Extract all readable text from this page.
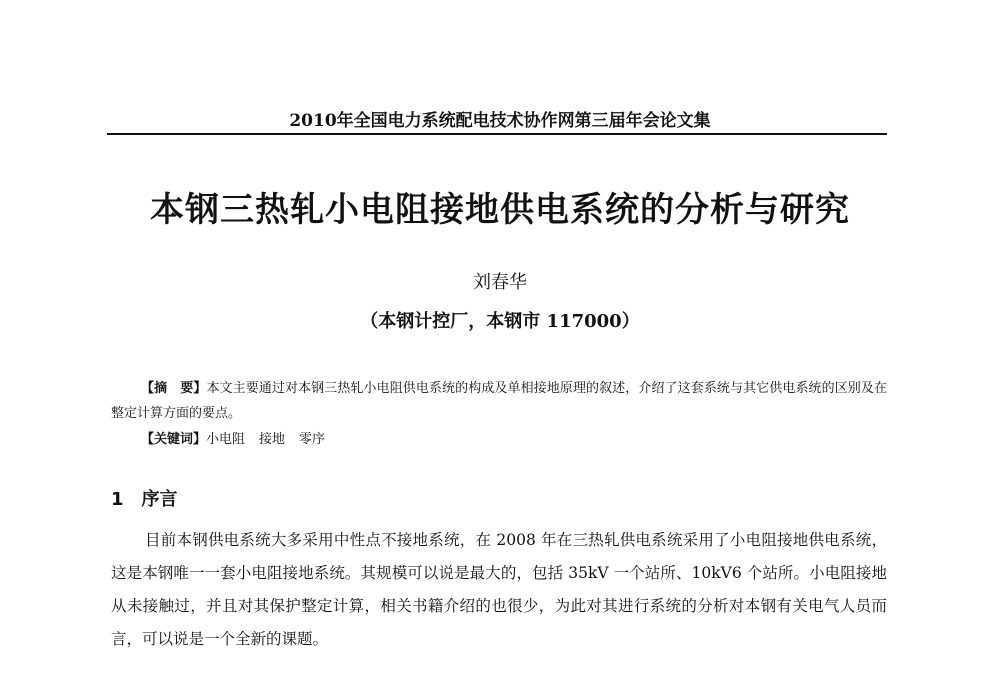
2010年全国电力系统配电技术协作网第三届年会论文集
本钢三热轧小电阻接地供电系统的分析与研究
刘春华
（本钢计控厂，本钢市 117000）
【摘　要】本文主要通过对本钢三热轧小电阻供电系统的构成及单相接地原理的叙述，介绍了这套系统与其它供电系统的区别及在整定计算方面的要点。
【关键词】小电阻 接地 零序
1 序言
目前本钢供电系统大多采用中性点不接地系统，在 2008 年在三热轧供电系统采用了小电阻接地供电系统，这是本钢唯一一套小电阻接地系统。其规模可以说是最大的，包括 35kV 一个站所、10kV6 个站所。小电阻接地从未接触过，并且对其保护整定计算，相关书籍介绍的也很少，为此对其进行系统的分析对本钢有关电气人员而言，可以说是一个全新的课题。
